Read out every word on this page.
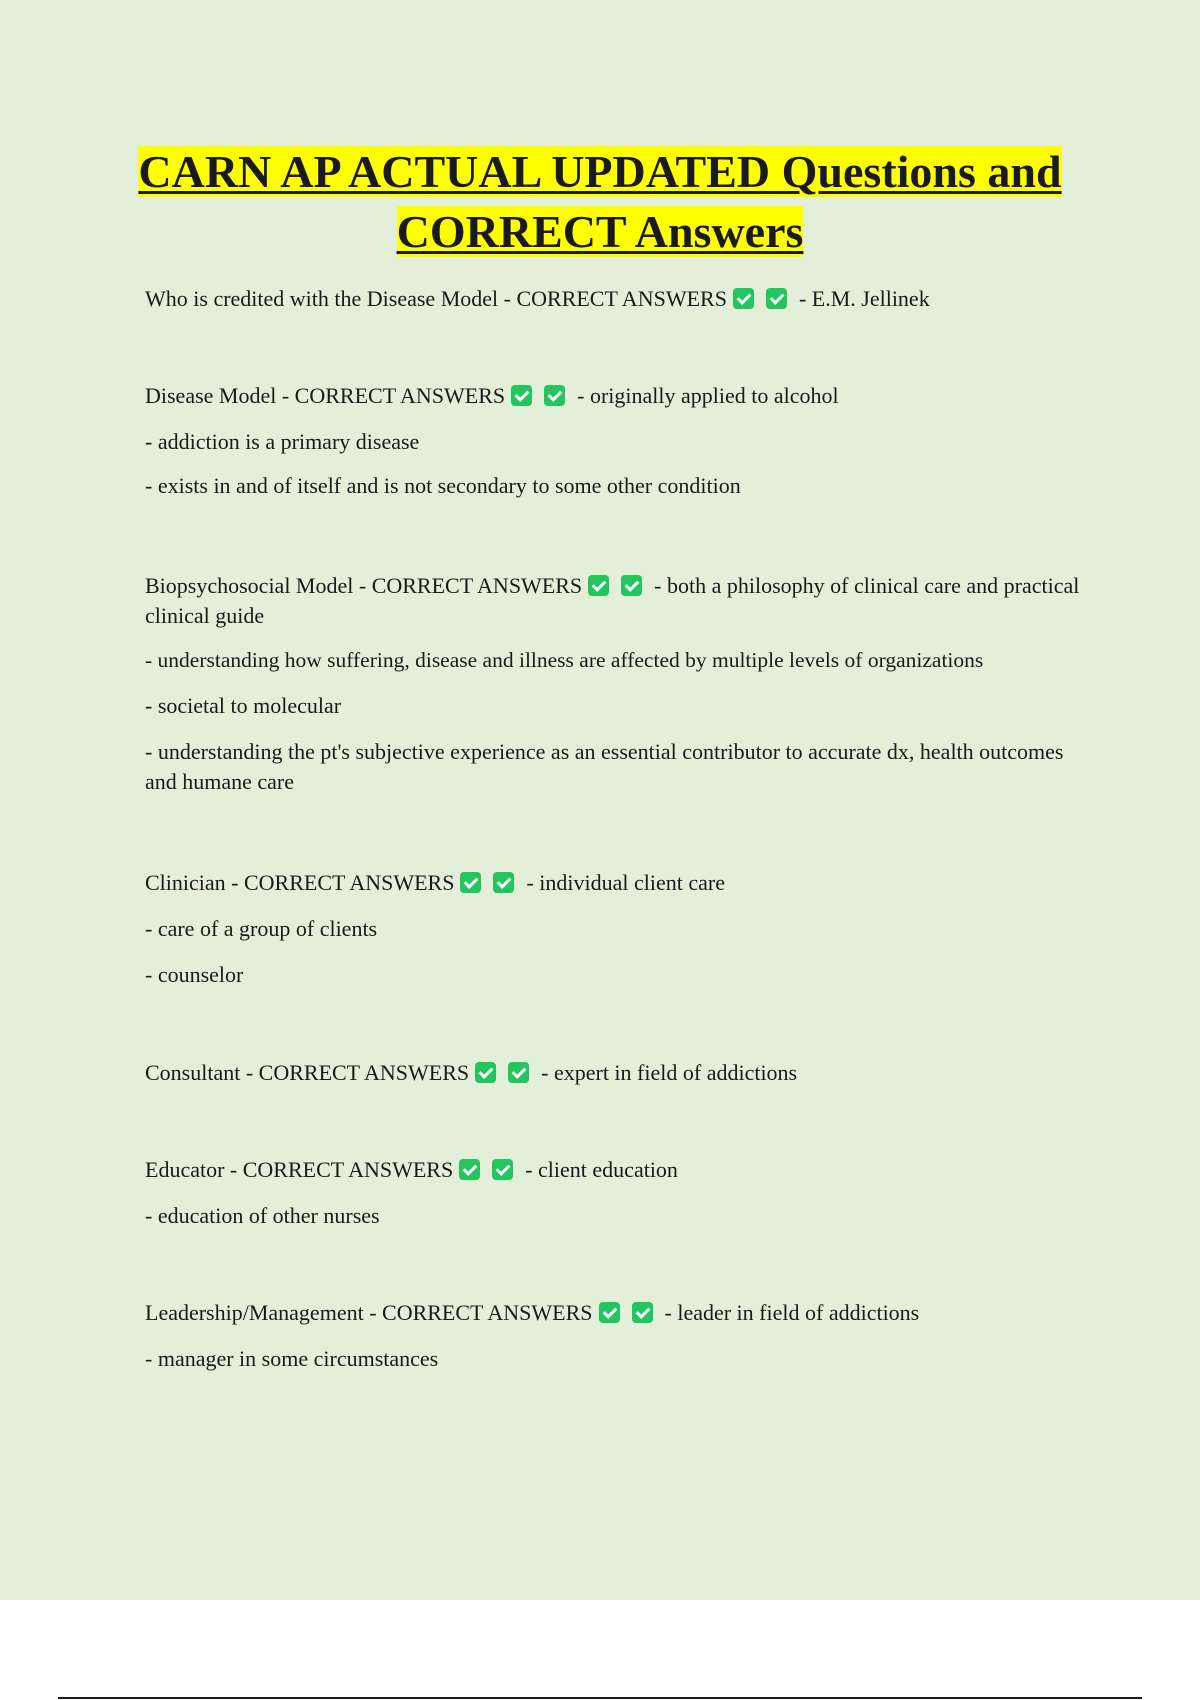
CARN AP ACTUAL UPDATED Questions and CORRECT Answers

Who is credited with the Disease Model - CORRECT ANSWERS	- E.M. Jellinek

Disease Model - CORRECT ANSWERS	- originally applied to alcohol

- addiction is a primary disease

- exists in and of itself and is not secondary to some other condition

Biopsychosocial Model - CORRECT ANSWERS	- both a philosophy of clinical care and practical clinical guide

- understanding how suffering, disease and illness are affected by multiple levels of organizations

- societal to molecular

- understanding the pt's subjective experience as an essential contributor to accurate dx, health outcomes and humane care

Clinician - CORRECT ANSWERS	- individual client care

- care of a group of clients

- counselor

Consultant - CORRECT ANSWERS	- expert in field of addictions

Educator - CORRECT ANSWERS	- client education

- education of other nurses

Leadership/Management - CORRECT ANSWERS	- leader in field of addictions

- manager in some circumstances
